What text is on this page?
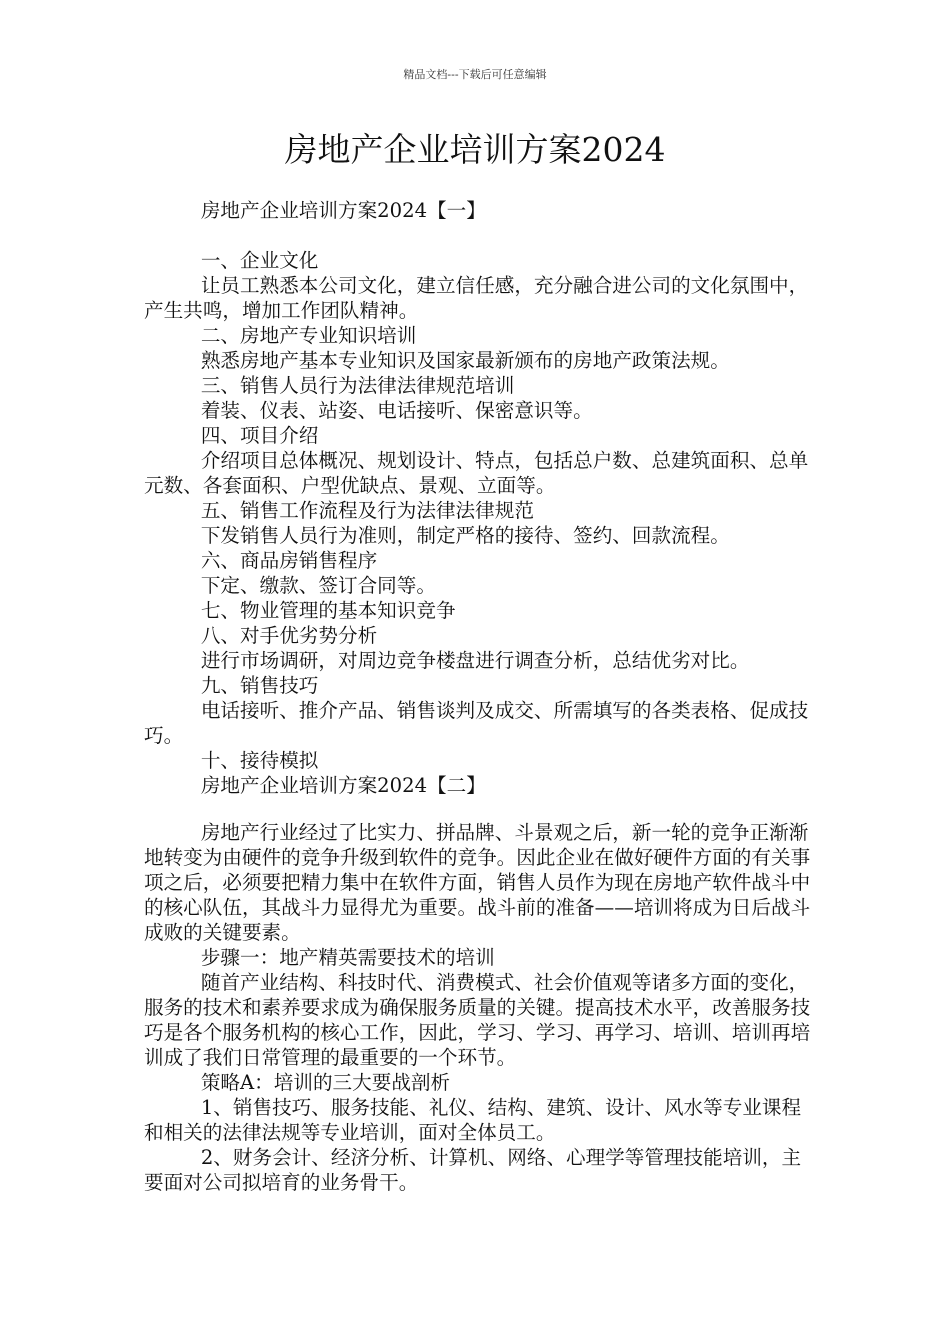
精品文档---下载后可任意编辑
房地产企业培训方案2024

房地产企业培训方案2024【一】

一、企业文化

让员工熟悉本公司文化，建立信任感，充分融合进公司的文化氛围中，产生共鸣，增加工作团队精神。

二、房地产专业知识培训

熟悉房地产基本专业知识及国家最新颁布的房地产政策法规。

三、销售人员行为法律法律规范培训

着装、仪表、站姿、电话接听、保密意识等。

四、项目介绍

介绍项目总体概况、规划设计、特点，包括总户数、总建筑面积、总单元数、各套面积、户型优缺点、景观、立面等。

五、销售工作流程及行为法律法律规范

下发销售人员行为准则，制定严格的接待、签约、回款流程。

六、商品房销售程序

下定、缴款、签订合同等。

七、物业管理的基本知识竞争

八、对手优劣势分析

进行市场调研，对周边竞争楼盘进行调查分析，总结优劣对比。

九、销售技巧

电话接听、推介产品、销售谈判及成交、所需填写的各类表格、促成技巧。

十、接待模拟

房地产企业培训方案2024【二】

房地产行业经过了比实力、拼品牌、斗景观之后，新一轮的竞争正渐渐地转变为由硬件的竞争升级到软件的竞争。因此企业在做好硬件方面的有关事项之后，必须要把精力集中在软件方面，销售人员作为现在房地产软件战斗中的核心队伍，其战斗力显得尤为重要。战斗前的准备——培训将成为日后战斗成败的关键要素。

步骤一：地产精英需要技术的培训

随首产业结构、科技时代、消费模式、社会价值观等诸多方面的变化，服务的技术和素养要求成为确保服务质量的关键。提高技术水平，改善服务技巧是各个服务机构的核心工作，因此，学习、学习、再学习、培训、培训再培训成了我们日常管理的最重要的一个环节。

策略A：培训的三大要战剖析

1、销售技巧、服务技能、礼仪、结构、建筑、设计、风水等专业课程和相关的法律法规等专业培训，面对全体员工。

2、财务会计、经济分析、计算机、网络、心理学等管理技能培训，主要面对公司拟培育的业务骨干。
